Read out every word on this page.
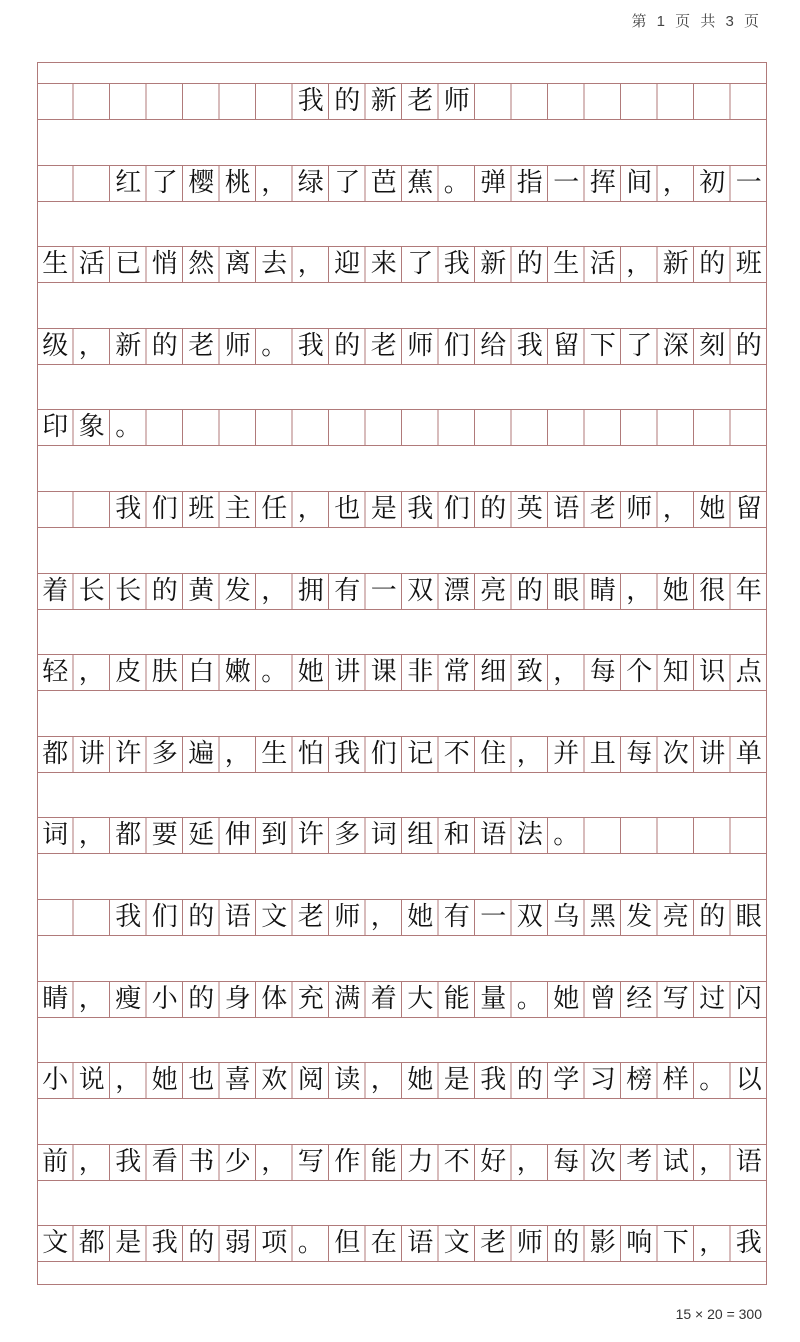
第 1 页 共 3 页
我的新老师
红了樱桃，绿了芭蕉。弹指一挥间，初一
生活已悄然离去，迎来了我新的生活，新的班
级，新的老师。我的老师们给我留下了深刻的
印象。
我们班主任，也是我们的英语老师，她留
着长长的黄发，拥有一双漂亮的眼睛，她很年
轻，皮肤白嫩。她讲课非常细致，每个知识点
都讲许多遍，生怕我们记不住，并且每次讲单
词，都要延伸到许多词组和语法。
我们的语文老师，她有一双乌黑发亮的眼
睛，瘦小的身体充满着大能量。她曾经写过闪
小说，她也喜欢阅读，她是我的学习榜样。以
前，我看书少，写作能力不好，每次考试，语
文都是我的弱项。但在语文老师的影响下，我
15 × 20 = 300
